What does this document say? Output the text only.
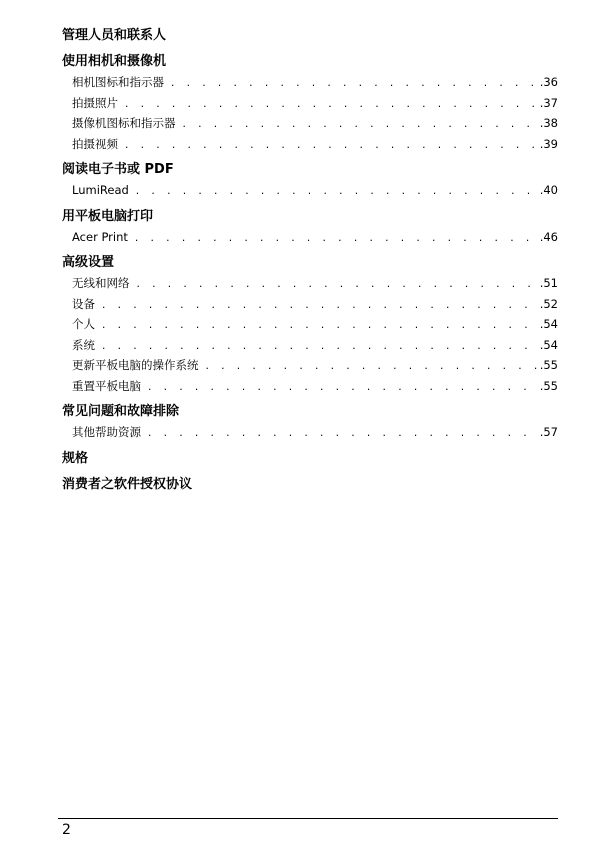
管理人员和联系人
使用相机和摄像机
相机图标和指示器 . . .	.36
拍摄照片 . . .	.37
摄像机图标和指示器 . . .	.38
拍摄视频 . . .	.39
阅读电子书或 PDF
LumiRead . . .	.40
用平板电脑打印
Acer Print . . .	.46
高级设置
无线和网络 . . .	.51
设备 . . .	.52
个人 . . .	.54
系统 . . .	.54
更新平板电脑的操作系统 . . .	.55
重置平板电脑 . . .	.55
常见问题和故障排除
其他帮助资源 . . .	.57
规格
消费者之软件授权协议
2
